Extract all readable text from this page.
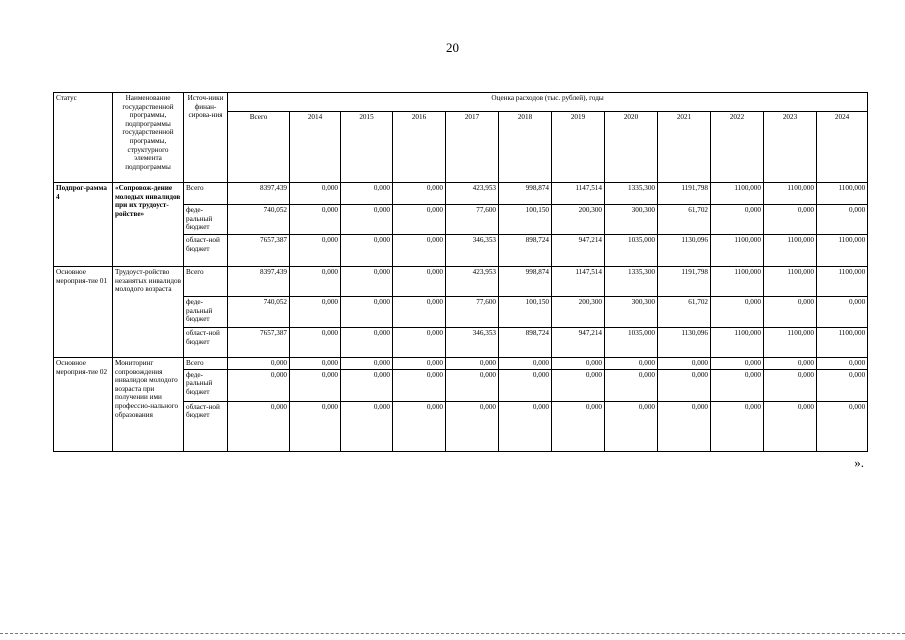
20
Статус	Наименование государственной программы, подпрограммы государственной программы, структурного элемента подпрограммы	Источ-ники финан-сирова-ния	Оценка расходов (тыс. рублей), годы											
			Всего	2014	2015	2016	2017	2018	2019	2020	2021	2022	2023	2024
Подпрог-рамма 4	«Сопровож-дение молодых инвалидов при их трудоуст-ройстве»	Всего	8397,439	0,000	0,000	0,000	423,953	998,874	1147,514	1335,300	1191,798	1100,000	1100,000	1100,000
		феде-ральный бюджет	740,052	0,000	0,000	0,000	77,600	100,150	200,300	300,300	61,702	0,000	0,000	0,000
		област-ной бюджет	7657,387	0,000	0,000	0,000	346,353	898,724	947,214	1035,000	1130,096	1100,000	1100,000	1100,000
Основное мероприя-тие 01	Трудоуст-ройство незанятых инвалидов молодого возраста	Всего	8397,439	0,000	0,000	0,000	423,953	998,874	1147,514	1335,300	1191,798	1100,000	1100,000	1100,000
		феде-ральный бюджет	740,052	0,000	0,000	0,000	77,600	100,150	200,300	300,300	61,702	0,000	0,000	0,000
		област-ной бюджет	7657,387	0,000	0,000	0,000	346,353	898,724	947,214	1035,000	1130,096	1100,000	1100,000	1100,000
Основное мероприя-тие 02	Мониторинг сопровождения инвалидов молодого возраста при получении ими профессио-нального образования	Всего	0,000	0,000	0,000	0,000	0,000	0,000	0,000	0,000	0,000	0,000	0,000	0,000
		феде-ральный бюджет	0,000	0,000	0,000	0,000	0,000	0,000	0,000	0,000	0,000	0,000	0,000	0,000
		област-ной бюджет	0,000	0,000	0,000	0,000	0,000	0,000	0,000	0,000	0,000	0,000	0,000	0,000
».
